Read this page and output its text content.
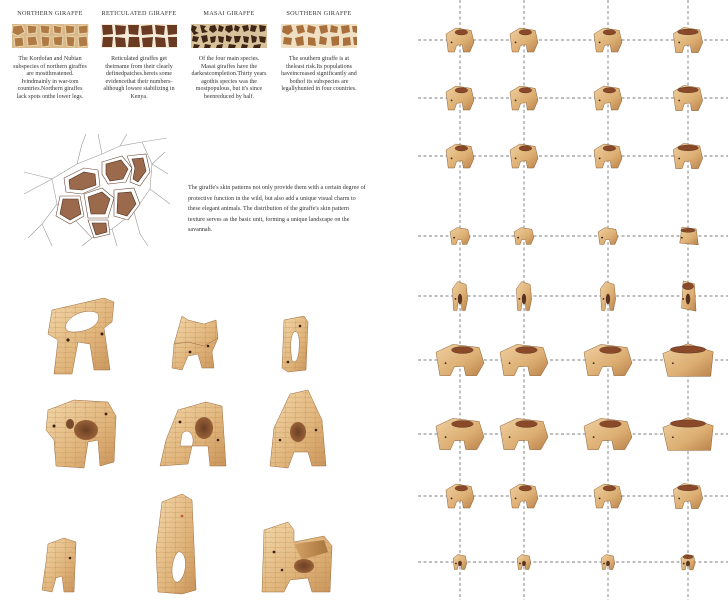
NORTHERN GIRAFFE

The Kordofan and Nubian subspecies of northern giraffes are mostthreatened. Ivindmainly in war-tom countries.Northern giraffes lack spots onthe lower legs.

RETICULATED GIRAFFE

Reticulated giraffes get theirname from their clearly definedpatches.hereis some evidencethat their numbers-although lowsre stabilizing in Kenya.

MASAI GIRAFFE

Of the four main species. Masai giraffes have the darkestcompletion.Thirty years agothis species was the mostpopulous, but it's since beenreduced by half.

SOUTHERN GIRAFFE

The southern giraffe is at theleast risk.Its populations haveincreased significantly and bothof its subspecies are legallyhunted in four countries.

The giraffe's skin patterns not only provide them with a certain degree of protective function in the wild, but also add a unique visual charm to these elegant animals. The distribution of the giraffe's skin pattern texture serves as the basic unit, forming a unique landscape on the savannah.
